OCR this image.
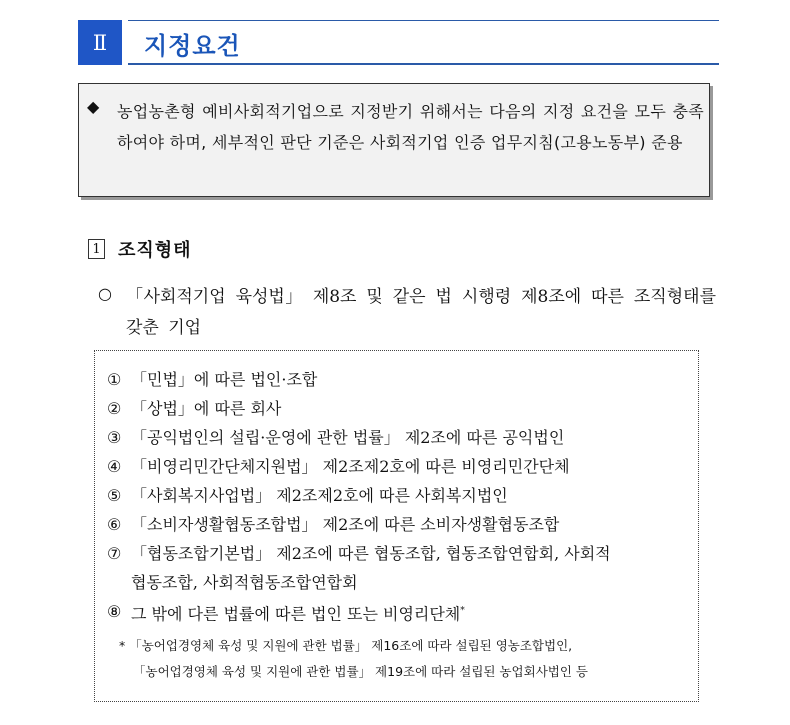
Ⅱ	지정요건
◆ 농업농촌형 예비사회적기업으로 지정받기 위해서는 다음의 지정 요건을 모두 충족하여야 하며, 세부적인 판단 기준은 사회적기업 인증 업무지침(고용노동부) 준용
1 조직형태
○ 「사회적기업 육성법」 제8조 및 같은 법 시행령 제8조에 따른 조직형태를 갖춘 기업
① 「민법」에 따른 법인·조합
② 「상법」에 따른 회사
③ 「공익법인의 설립·운영에 관한 법률」 제2조에 따른 공익법인
④ 「비영리민간단체지원법」 제2조제2호에 따른 비영리민간단체
⑤ 「사회복지사업법」 제2조제2호에 따른 사회복지법인
⑥ 「소비자생활협동조합법」 제2조에 따른 소비자생활협동조합
⑦ 「협동조합기본법」 제2조에 따른 협동조합, 협동조합연합회, 사회적
협동조합, 사회적협동조합연합회
⑧ 그 밖에 다른 법률에 따른 법인 또는 비영리단체*
* 「농어업경영체 육성 및 지원에 관한 법률」 제16조에 따라 설립된 영농조합법인,
「농어업경영체 육성 및 지원에 관한 법률」 제19조에 따라 설립된 농업회사법인 등
